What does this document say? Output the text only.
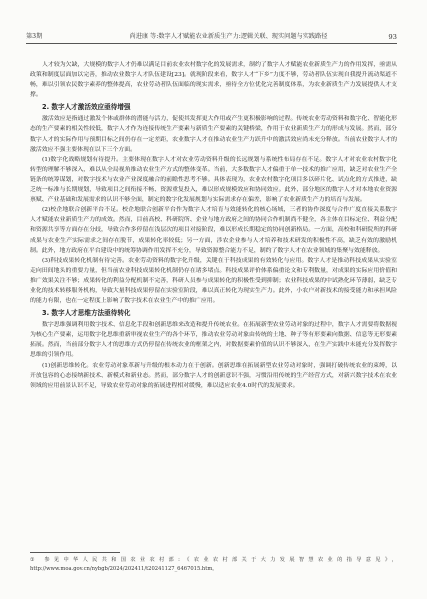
第3期	尚进康 等:数字人才赋能农业新质生产力:逻辑关联、现实问题与实践路径	93

人才较为欠缺，大规模的数字人才仍难以满足目前农业农村数字化的发展需求，制约了数字人才赋能农业新质生产力的作用发挥，亟需从政策和制度层面加以完善，推动农业数字人才队伍建设[23]。就现阶段来看，数字人才“下乡”力度不够，劳动者队伍实现自我提升流动渠道不畅，难以引领农民数字素养的整体提高，农业劳动者队伍面临的现实需求，亟待全方位优化完善制度体系，为农业新质生产力发展提供人才支撑。

2. 数字人才激活效应亟待增强

激活效应是指通过激发个体或群体的潜能与活力，促使其发挥更大作用或产生更积极影响的过程。传统农业劳动资料和数字化、智能化形态的生产要素的相关性较低，数字人才作为连接传统生产要素与新质生产要素的关键桥梁，作用于农业新质生产力的形成与发展。然而，部分数字人才的实际作用与预期目标之间仍存在一定差距，农业数字人才在推动农业生产力跃升中的激活效应尚未充分释放。当前农业数字人才的激活效应不强主要体现在以下三个方面。

(1)数字化战略规划有待提升。主要体现在数字人才对农业劳动资料升级的长远规划与系统性布局存在不足。数字人才对农业农村数字化转型的理解不够深入，难以从全局视角推动农业生产方式的整体变革。当前，大多数数字人才偏重于单一技术的推广应用，缺乏对农业生产全链条的统筹谋划，对数字技术与农业产业深度融合的前瞻性思考不够。具体表现为，农业农村数字化项目多以碎片化、试点化的方式推进，缺乏统一标准与长期规划，导致项目之间衔接不畅、资源重复投入，难以形成规模效应和协同效应。此外，部分地区的数字人才对本地农业资源禀赋、产业基础和发展需求的认识不够全面，制定的数字化发展规划与实际需求存在偏差，影响了农业新质生产力的培育与发展。

(2)校企地联合创新平台不足。校企地联合创新平台作为数字人才培育与效能转化的核心场域，三者的协作深度与合作广度直接关系数字人才赋能农业新质生产力的成效。然而，目前高校、科研院所、企业与地方政府之间的协同合作机制尚不健全，各主体在目标定位、利益分配和资源共享等方面存在分歧，导致合作多停留在浅层次的项目对接阶段，难以形成长期稳定的协同创新格局。一方面，高校和科研院所的科研成果与农业生产实际需求之间存在脱节，成果转化率较低；另一方面，涉农企业参与人才培养和技术研发的积极性不高，缺乏有效的激励机制。此外，地方政府在平台建设中的统筹协调作用发挥不充分，导致资源整合能力不足，制约了数字人才在农业领域的集聚与效能释放。

(3)科技成果转化机制有待完善。农业劳动资料的数字化升级，关键在于科技成果的有效转化与应用。数字人才是推动科技成果从实验室走向田间地头的重要力量，但当前农业科技成果转化机制仍存在诸多堵点。科技成果评价体系偏重论文和专利数量，对成果的实际应用价值和推广效果关注不够；成果转化的利益分配机制不完善，科研人员参与成果转化的积极性受到抑制；农业科技成果的中试熟化环节薄弱，缺乏专业化的技术转移服务机构，导致大量科技成果停留在实验室阶段，难以真正转化为现实生产力。此外，小农户对新技术的接受能力和承担风险的能力有限，也在一定程度上影响了数字技术在农业生产中的推广应用。

3. 数字人才思维方法亟待转化

数字思维强调利用数字技术、信息化手段和创新思维来改造和提升传统农业。在拓展新型农业劳动对象的过程中，数字人才需要将数据视为核心生产要素，运用数字化思维重新审视农业生产的各个环节，推动农业劳动对象由传统的土地、种子等有形要素向数据、信息等无形要素拓展。然而，当前部分数字人才的思维方式仍停留在传统农业的框架之内，对数据要素价值的认识不够深入，在生产实践中未能充分发挥数字思维的引领作用。

(1)创新思维转化。农业劳动对象革新与升级的根本动力在于创新。创新思维在拓展新型农业劳动对象时，强调打破传统农业的束缚，以开放包容的心态接纳新技术、新模式和新业态。然而，部分数字人才的创新意识不强，习惯沿用传统的生产经营方式，对新兴数字技术在农业领域的应用前景认识不足，导致农业劳动对象的拓展进程相对缓慢，难以适应农业4.0时代的发展要求。

① 参见中华人民共和国农业农村部:《农业农村部关于大力发展智慧农业的指导意见》，http://www.moa.gov.cn/nybgb/2024/202411/t20241127_6467015.htm。
